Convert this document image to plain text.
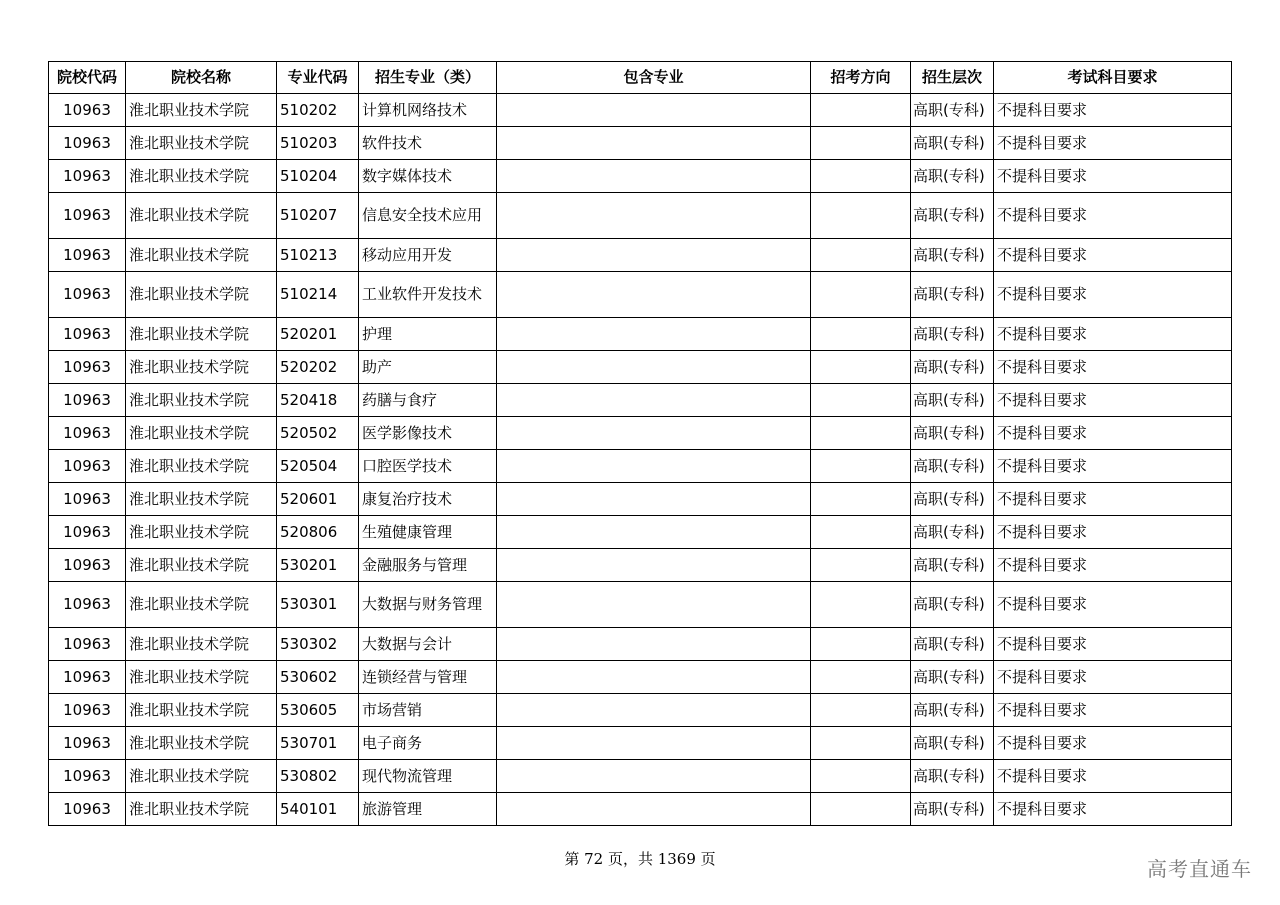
院校代码	院校名称	专业代码	招生专业（类）	包含专业	招考方向	招生层次	考试科目要求
10963	淮北职业技术学院	510202	计算机网络技术			高职(专科)	不提科目要求
10963	淮北职业技术学院	510203	软件技术			高职(专科)	不提科目要求
10963	淮北职业技术学院	510204	数字媒体技术			高职(专科)	不提科目要求
10963	淮北职业技术学院	510207	信息安全技术应用			高职(专科)	不提科目要求
10963	淮北职业技术学院	510213	移动应用开发			高职(专科)	不提科目要求
10963	淮北职业技术学院	510214	工业软件开发技术			高职(专科)	不提科目要求
10963	淮北职业技术学院	520201	护理			高职(专科)	不提科目要求
10963	淮北职业技术学院	520202	助产			高职(专科)	不提科目要求
10963	淮北职业技术学院	520418	药膳与食疗			高职(专科)	不提科目要求
10963	淮北职业技术学院	520502	医学影像技术			高职(专科)	不提科目要求
10963	淮北职业技术学院	520504	口腔医学技术			高职(专科)	不提科目要求
10963	淮北职业技术学院	520601	康复治疗技术			高职(专科)	不提科目要求
10963	淮北职业技术学院	520806	生殖健康管理			高职(专科)	不提科目要求
10963	淮北职业技术学院	530201	金融服务与管理			高职(专科)	不提科目要求
10963	淮北职业技术学院	530301	大数据与财务管理			高职(专科)	不提科目要求
10963	淮北职业技术学院	530302	大数据与会计			高职(专科)	不提科目要求
10963	淮北职业技术学院	530602	连锁经营与管理			高职(专科)	不提科目要求
10963	淮北职业技术学院	530605	市场营销			高职(专科)	不提科目要求
10963	淮北职业技术学院	530701	电子商务			高职(专科)	不提科目要求
10963	淮北职业技术学院	530802	现代物流管理			高职(专科)	不提科目要求
10963	淮北职业技术学院	540101	旅游管理			高职(专科)	不提科目要求
第 72 页，共 1369 页	高考直通车
